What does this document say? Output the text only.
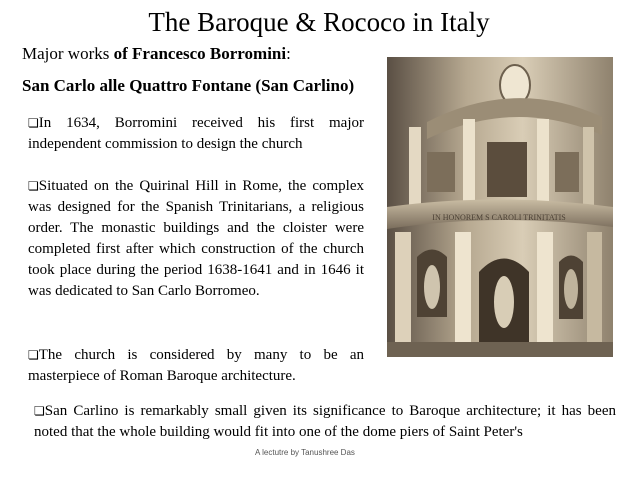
The Baroque & Rococo in Italy
Major works of Francesco Borromini:
San Carlo alle Quattro Fontane (San Carlino)
IN HONOREM S CAROLI TRINITATIS
❏In 1634, Borromini received his first major independent commission to design the church
❏Situated on the Quirinal Hill in Rome, the complex was designed for the Spanish Trinitarians, a religious order. The monastic buildings and the cloister were completed first after which construction of the church took place during the period 1638-1641 and in 1646 it was dedicated to San Carlo Borromeo.
❏The church is considered by many to be an masterpiece of Roman Baroque architecture.
❏San Carlino is remarkably small given its significance to Baroque architecture; it has been noted that the whole building would fit into one of the dome piers of Saint Peter's
A lectutre by Tanushree Das
